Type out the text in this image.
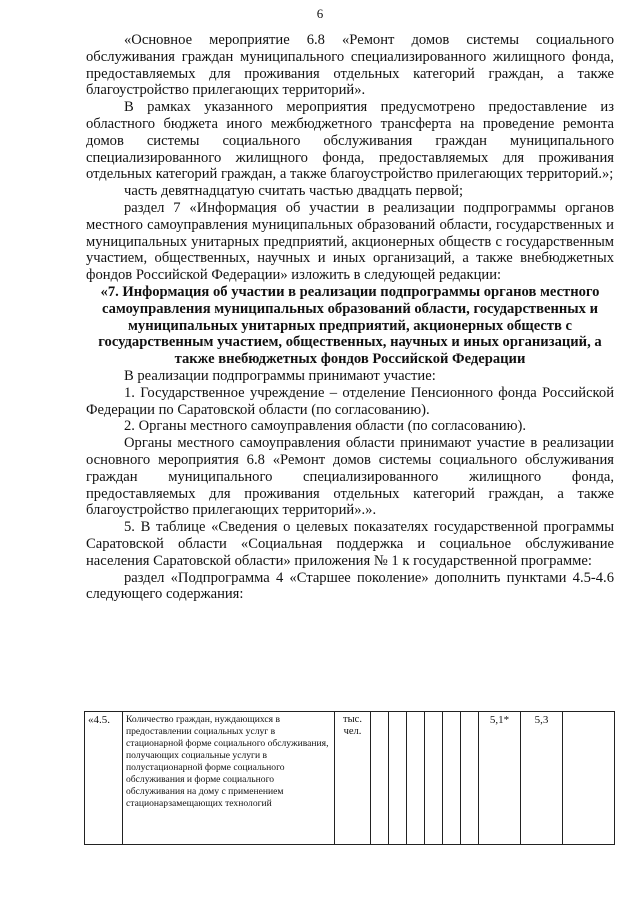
6

«Основное мероприятие 6.8 «Ремонт домов системы социального обслуживания граждан муниципального специализированного жилищного фонда, предоставляемых для проживания отдельных категорий граждан, а также благоустройство прилегающих территорий».

В рамках указанного мероприятия предусмотрено предоставление из областного бюджета иного межбюджетного трансферта на проведение ремонта домов системы социального обслуживания граждан муниципального специализированного жилищного фонда, предоставляемых для проживания отдельных категорий граждан, а также благоустройство прилегающих территорий.»;

часть девятнадцатую считать частью двадцать первой;

раздел 7 «Информация об участии в реализации подпрограммы органов местного самоуправления муниципальных образований области, государственных и муниципальных унитарных предприятий, акционерных обществ с государственным участием, общественных, научных и иных организаций, а также внебюджетных фондов Российской Федерации» изложить в следующей редакции:

«7. Информация об участии в реализации подпрограммы органов местного самоуправления муниципальных образований области, государственных и муниципальных унитарных предприятий, акционерных обществ с государственным участием, общественных, научных и иных организаций, а также внебюджетных фондов Российской Федерации

В реализации подпрограммы принимают участие:

1. Государственное учреждение – отделение Пенсионного фонда Российской Федерации по Саратовской области (по согласованию).

2. Органы местного самоуправления области (по согласованию).

Органы местного самоуправления области принимают участие в реализации основного мероприятия 6.8 «Ремонт домов системы социального обслуживания граждан муниципального специализированного жилищного фонда, предоставляемых для проживания отдельных категорий граждан, а также благоустройство прилегающих территорий».».

5. В таблице «Сведения о целевых показателях государственной программы Саратовской области «Социальная поддержка и социальное обслуживание населения Саратовской области» приложения № 1 к государственной программе:

раздел «Подпрограмма 4 «Старшее поколение» дополнить пунктами 4.5-4.6 следующего содержания:

«4.5.	Количество граждан, нуждающихся в предоставлении социальных услуг в стационарной форме социального обслуживания, получающих социальные услуги в полустационарной форме социального обслуживания и форме социального обслуживания на дому с применением стационарзамещающих технологий	тыс. чел.							5,1*	5,3	
